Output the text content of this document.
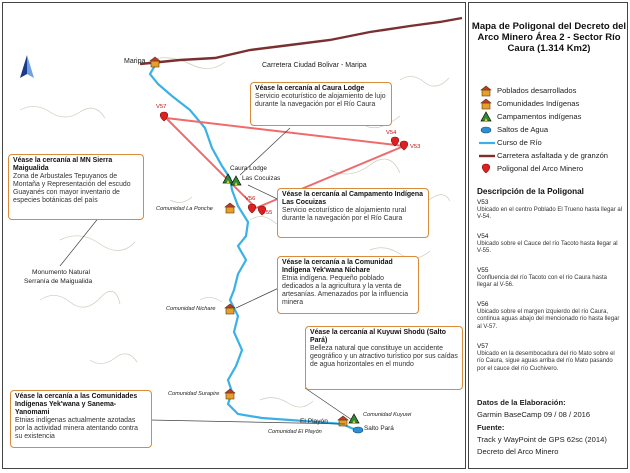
Maripa
Carretera Ciudad Bolivar - Maripa
Caura Lodge
Las Cocuizas
Comunidad La Ponche
Comunidad Nichare
Comunidad Surapire
El Playón
Comunidad El Playón
Comunidad Kuyuwi
Salto Pará
V57
V54
V53
V56
V55
Monumento Natural
Serranía de Maigualida
Véase la cercanía al Caura Lodge
Servicio ecoturístico de alojamiento de lujo durante la navegación por el Río Caura
Véase la cercanía al MN Sierra Maigualida
Zona de Arbustales Tepuyanos de Montaña y Representación del escudo Guayanés con mayor inventario de especies botánicas del país
Véase la cercanía al Campamento Indígena Las Cocuizas
Servicio ecoturístico de alojamiento rural durante la navegación por el Río Caura
Véase la cercanía a la Comunidad Indígena Yek'wana Nichare
Etnia indígena. Pequeño poblado dedicados a la agricultura y la venta de artesanías. Amenazados por la influencia minera
Véase la cercanía al Kuyuwi Shodü (Salto Pará)
Belleza natural que constituye un accidente geográfico y un atractivo turístico por sus caídas de agua horizontales en el mundo
Véase la cercanía a las Comunidades Indígenas Yek'wana y Sanema-Yanomami
Etnias indígenas actualmente azotadas por la actividad minera atentando contra su existencia
Mapa de Poligonal del Decreto del Arco Minero Área 2 - Sector Río Caura (1.314 Km2)
Poblados desarrollados
Comunidades Indígenas
Campamentos indígenas
Saltos de Agua
Curso de Río
Carretera asfaltada y de granzón
Poligonal del Arco Minero
Descripción de la Poligonal
V53
Ubicado en el centro Poblado El Trueno hasta llegar al V-54.
V54
Ubicado sobre el Cauce del río Tacoto hasta llegar al V-55.
V55
Confluencia del río Tacoto con el río Caura hasta llegar al V-56.
V56
Ubicado sobre el margen izquierdo del río Caura, continua aguas abajo del mencionado río hasta llegar al V-57.
V57
Ubicado en la desembocadura del río Mato sobre el río Caura, sigue aguas arriba del río Mato pasando por el cauce del río Cuchivero.
Datos de la Elaboración:
Garmin BaseCamp 09 / 08 / 2016
Fuente:
Track y WayPoint de GPS 62sc (2014)
Decreto del Arco Minero
